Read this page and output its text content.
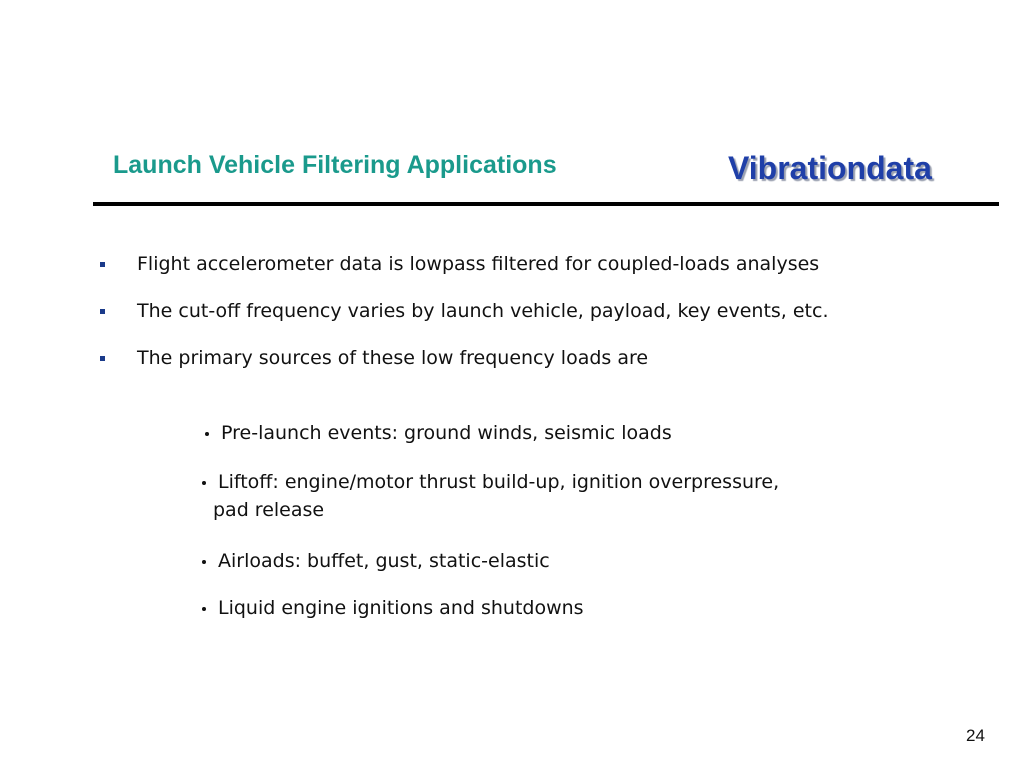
Launch Vehicle Filtering Applications	Vibrationdata
Flight accelerometer data is lowpass filtered for coupled-loads analyses
The cut-off frequency varies by launch vehicle, payload, key events, etc.
The primary sources of these low frequency loads are
Pre-launch events: ground winds, seismic loads
Liftoff: engine/motor thrust build-up, ignition overpressure,
pad release
Airloads: buffet, gust, static-elastic
Liquid engine ignitions and shutdowns
24
